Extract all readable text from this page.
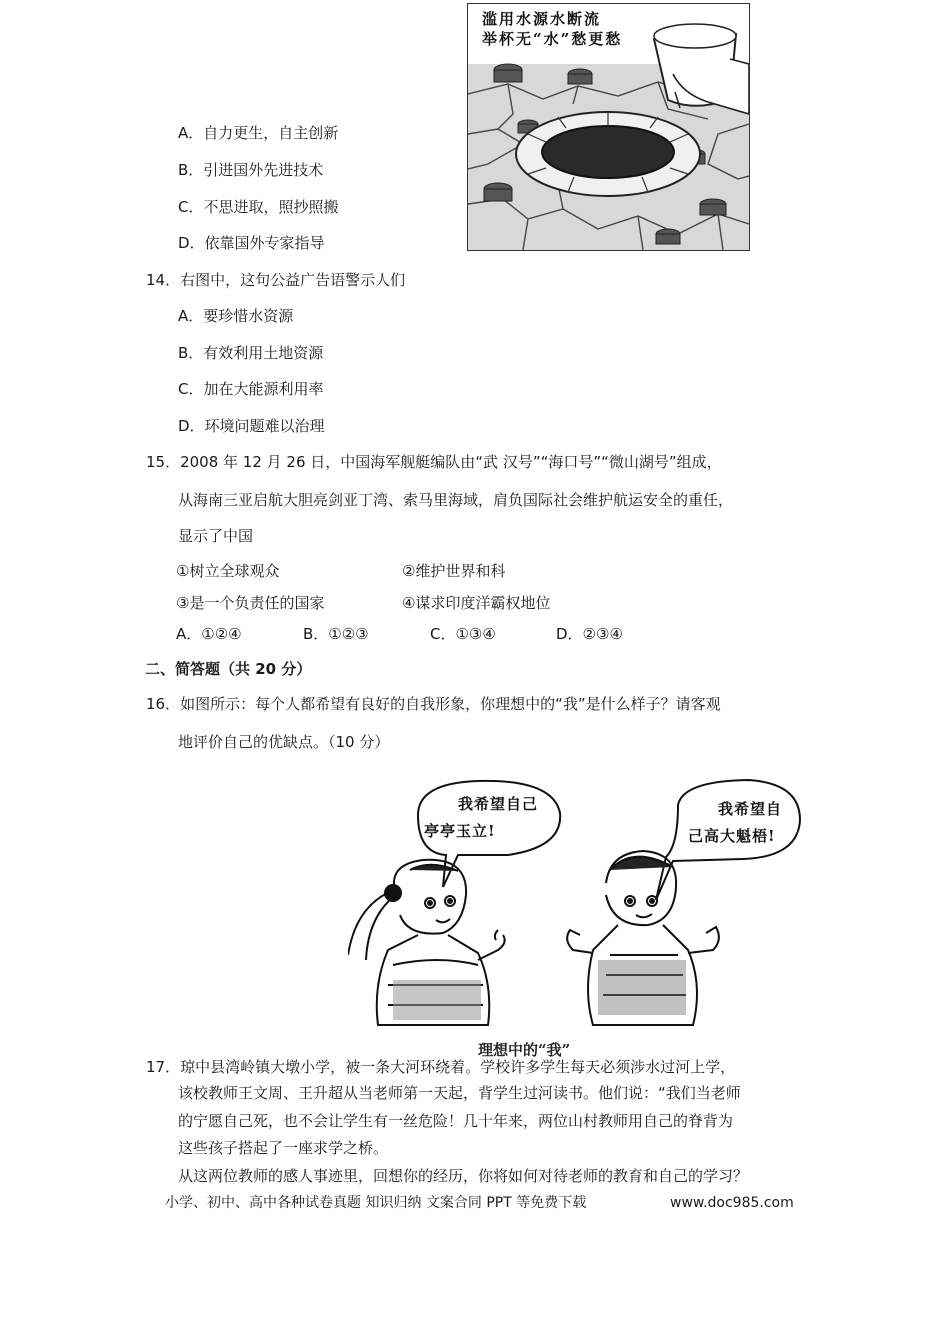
滥用水源水断流
举杯无“水”愁更愁
A．自力更生，自主创新
B．引进国外先进技术
C．不思进取，照抄照搬
D．依靠国外专家指导
14．右图中，这句公益广告语警示人们
A．要珍惜水资源
B．有效利用土地资源
C．加在大能源利用率
D．环境问题难以治理
15．2008 年 12 月 26 日，中国海军舰艇编队由“武 汉号”“海口号”“微山湖号”组成，
从海南三亚启航大胆亮剑亚丁湾、索马里海域，肩负国际社会维护航运安全的重任，
显示了中国
①树立全球观众	②维护世界和科
③是一个负责任的国家	④谋求印度洋霸权地位
A．①②④	B．①②③	C．①③④	D．②③④
二、简答题（共 20 分）
16．如图所示：每个人都希望有良好的自我形象，你理想中的“我”是什么样子？请客观
地评价自己的优缺点。（10 分）
我希望自己
亭亭玉立!
我希望自
己高大魁梧!
理想中的“我”
17．琼中县湾岭镇大墩小学，被一条大河环绕着。学校许多学生每天必须涉水过河上学，
该校教师王文周、王升超从当老师第一天起，背学生过河读书。他们说：“我们当老师
的宁愿自己死，也不会让学生有一丝危险！几十年来，两位山村教师用自己的脊背为
这些孩子搭起了一座求学之桥。
从这两位教师的感人事迹里，回想你的经历，你将如何对待老师的教育和自己的学习？
小学、初中、高中各种试卷真题 知识归纳 文案合同 PPT 等免费下载	www.doc985.com
